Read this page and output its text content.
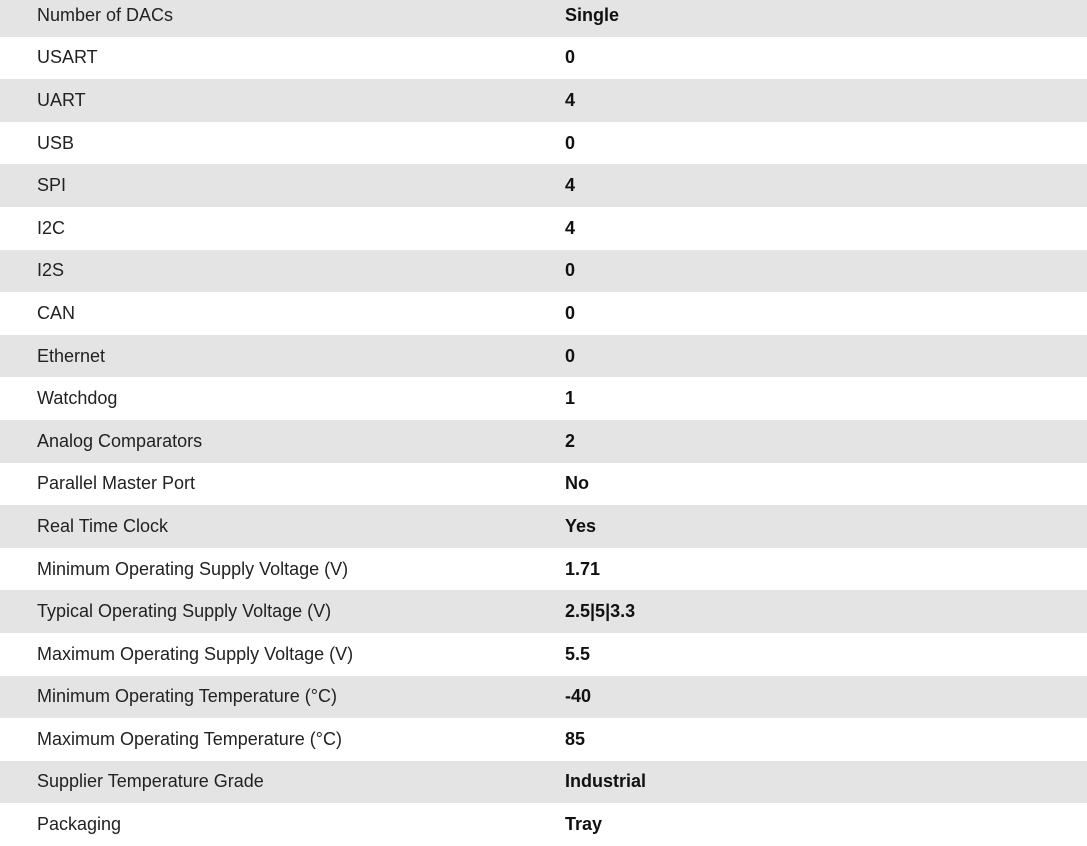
Number of DACs	Single
USART	0
UART	4
USB	0
SPI	4
I2C	4
I2S	0
CAN	0
Ethernet	0
Watchdog	1
Analog Comparators	2
Parallel Master Port	No
Real Time Clock	Yes
Minimum Operating Supply Voltage (V)	1.71
Typical Operating Supply Voltage (V)	2.5|5|3.3
Maximum Operating Supply Voltage (V)	5.5
Minimum Operating Temperature (°C)	-40
Maximum Operating Temperature (°C)	85
Supplier Temperature Grade	Industrial
Packaging	Tray
